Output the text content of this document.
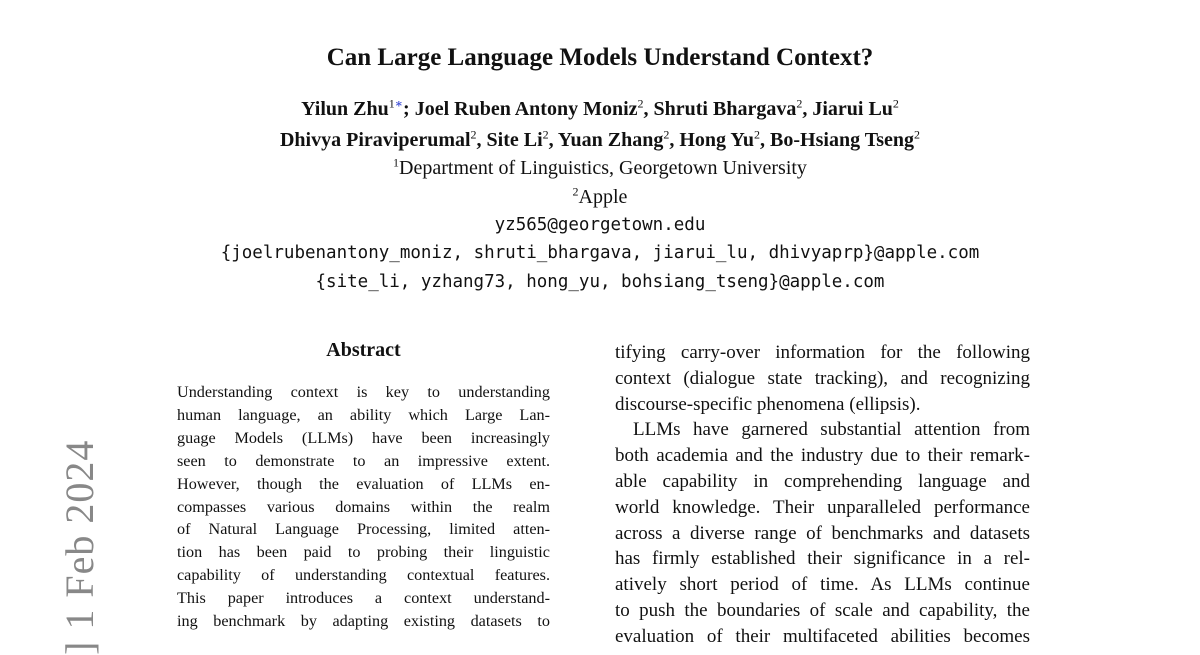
] 1 Feb 2024
Can Large Language Models Understand Context?
Yilun Zhu$^{1∗}$; Joel Ruben Antony Moniz$^2$, Shruti Bhargava$^2$, Jiarui Lu$^2$
Dhivya Piraviperumal$^2$, Site Li$^2$, Yuan Zhang$^2$, Hong Yu$^2$, Bo-Hsiang Tseng$^2$
$^1$Department of Linguistics, Georgetown University
$^2$Apple
yz565@georgetown.edu
{joelrubenantony_moniz, shruti_bhargava, jiarui_lu, dhivyaprp}@apple.com
{site_li, yzhang73, hong_yu, bohsiang_tseng}@apple.com
Abstract
Understanding context is key to understanding
human language, an ability which Large Lan-
guage Models (LLMs) have been increasingly
seen to demonstrate to an impressive extent.
However, though the evaluation of LLMs en-
compasses various domains within the realm
of Natural Language Processing, limited atten-
tion has been paid to probing their linguistic
capability of understanding contextual features.
This paper introduces a context understand-
ing benchmark by adapting existing datasets to
tifying carry-over information for the following
context (dialogue state tracking), and recognizing
discourse-specific phenomena (ellipsis).
LLMs have garnered substantial attention from
both academia and the industry due to their remark-
able capability in comprehending language and
world knowledge. Their unparalleled performance
across a diverse range of benchmarks and datasets
has firmly established their significance in a rel-
atively short period of time. As LLMs continue
to push the boundaries of scale and capability, the
evaluation of their multifaceted abilities becomes
